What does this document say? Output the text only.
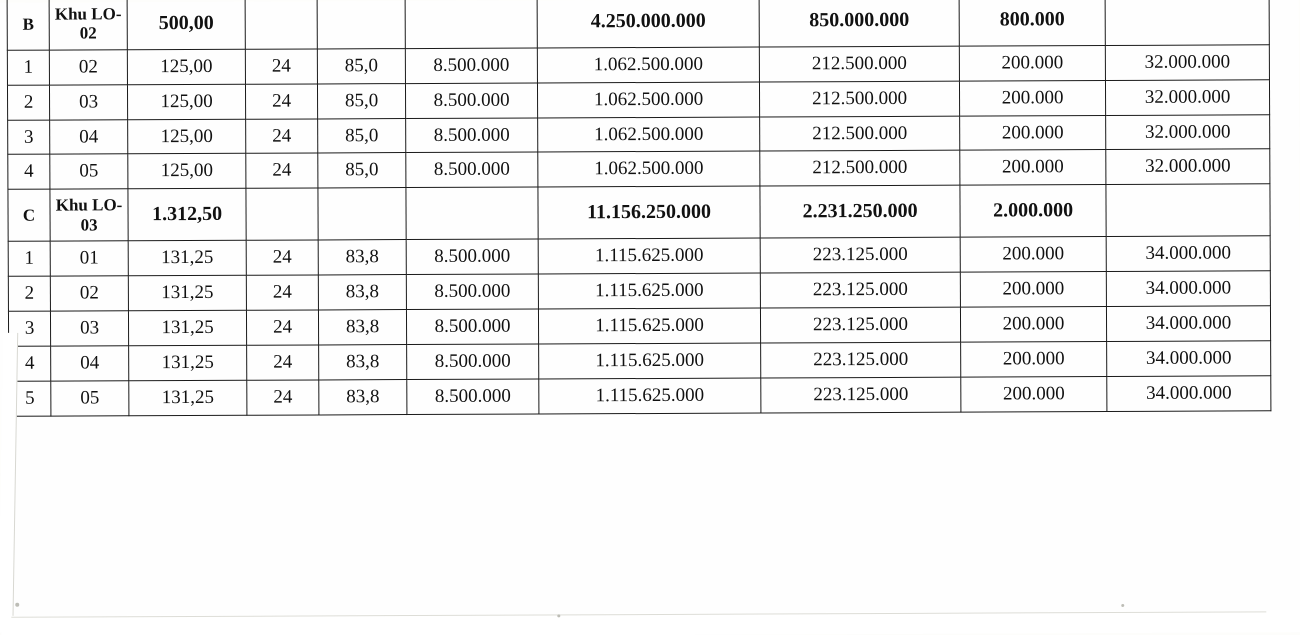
B	Khu LO-02	500,00				4.250.000.000	850.000.000	800.000	
1	02	125,00	24	85,0	8.500.000	1.062.500.000	212.500.000	200.000	32.000.000
2	03	125,00	24	85,0	8.500.000	1.062.500.000	212.500.000	200.000	32.000.000
3	04	125,00	24	85,0	8.500.000	1.062.500.000	212.500.000	200.000	32.000.000
4	05	125,00	24	85,0	8.500.000	1.062.500.000	212.500.000	200.000	32.000.000
C	Khu LO-03	1.312,50				11.156.250.000	2.231.250.000	2.000.000	
1	01	131,25	24	83,8	8.500.000	1.115.625.000	223.125.000	200.000	34.000.000
2	02	131,25	24	83,8	8.500.000	1.115.625.000	223.125.000	200.000	34.000.000
3	03	131,25	24	83,8	8.500.000	1.115.625.000	223.125.000	200.000	34.000.000
4	04	131,25	24	83,8	8.500.000	1.115.625.000	223.125.000	200.000	34.000.000
5	05	131,25	24	83,8	8.500.000	1.115.625.000	223.125.000	200.000	34.000.000
